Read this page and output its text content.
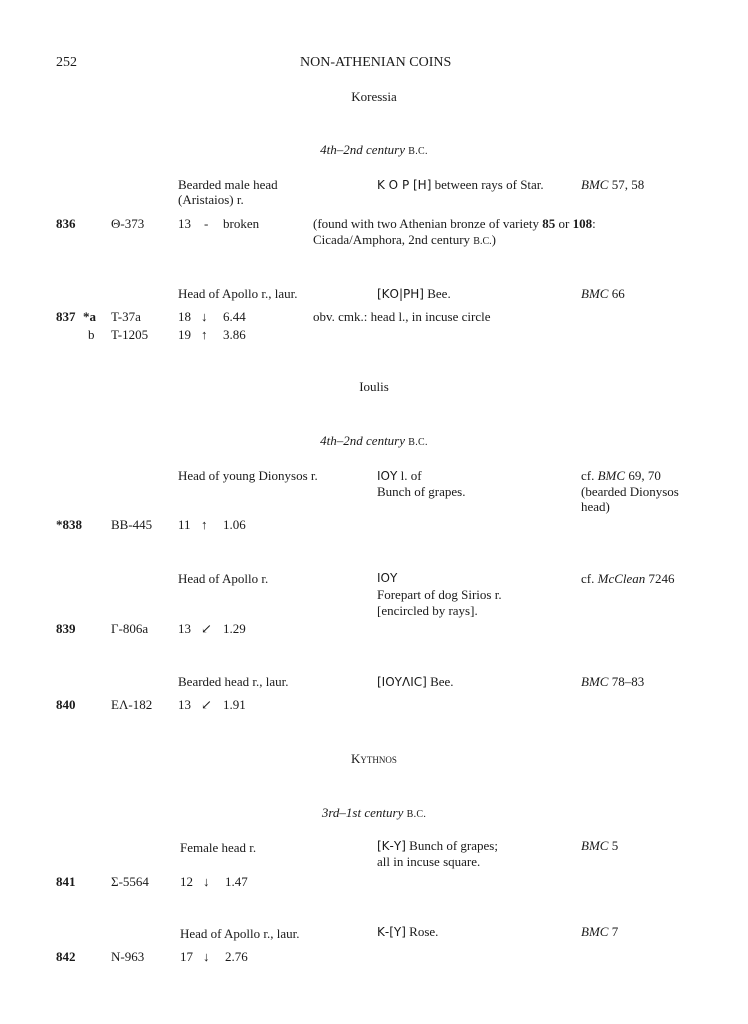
252	NON-ATHENIAN COINS
Koressia
4th–2nd century B.C.
Bearded male head
(Aristaios) r.
Κ Ο Ρ [Η] between rays of Star.	BMC 57, 58
836	Θ-373	13 - broken	(found with two Athenian bronze of variety 85 or 108:
Cicada/Amphora, 2nd century B.C.)
Head of Apollo r., laur.	[ΚΟ|ΡΗ] Bee.	BMC 66
837 *a T-37a	18 ↓ 6.44	obv. cmk.: head l., in incuse circle
b T-1205 19 ↑ 3.86
Ioulis
4th–2nd century B.C.
Head of young Dionysos r.	ΙΟΥ l. of
Bunch of grapes.
cf. BMC 69, 70
(bearded Dionysos
head)
*838 BB-445 11 ↑ 1.06
Head of Apollo r.	ΙΟΥ
Forepart of dog Sirios r.
[encircled by rays].
cf. McClean 7246
839	Γ-806a 13 ↙ 1.29
Bearded head r., laur.	[ΙΟΥΛΙϹ] Bee.	BMC 78–83
840	ΕΛ-182 13 ↙ 1.91
Kythnos
3rd–1st century B.C.
Female head r.	[Κ-Υ] Bunch of grapes;
all in incuse square.
BMC 5
841	Σ-5564 12 ↓ 1.47
Head of Apollo r., laur.	Κ-[Υ] Rose.	BMC 7
842	N-963	17 ↓ 2.76
